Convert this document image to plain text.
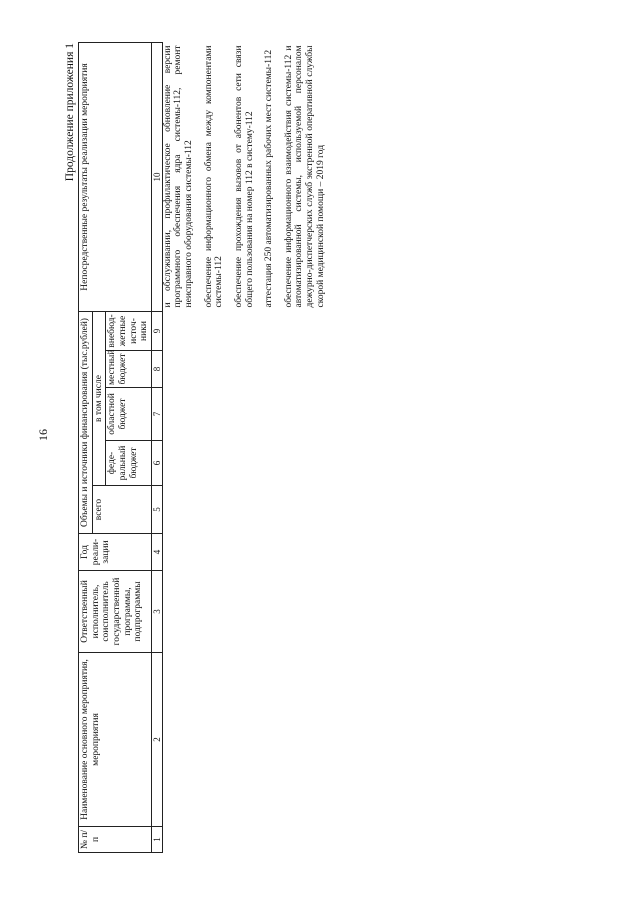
16
Продолжение приложения 1
№ п/п	Наименование основного мероприятия, мероприятия	Ответственный исполнитель, соисполнитель государственной программы, подпрограммы	Год реали-зации	Объемы и источники финансирования (тыс.рублей)					Непосредственные результаты реализации мероприятия
				всего	в том числе				
					феде-ральный бюджет	областной бюджет	местный бюджет	внебюд-жетные источ-ники	
1	2	3	4	5	6	7	8	9	10

									и обслуживании, профилактическое обновление версии программного обеспечения ядра системы-112, ремонт неисправного оборудования системы-112 обеспечение информационного обмена между компонентами системы-112 обеспечение прохождения вызовов от абонентов сети связи общего пользования на номер 112 в систему-112 аттестация 250 автоматизированных рабочих мест системы-112 обеспечение информационного взаимодействия системы-112 и автоматизированной системы, используемой персоналом дежурно-диспетчерских служб экстренной оперативной службы скорой медицинской помощи – 2019 год
